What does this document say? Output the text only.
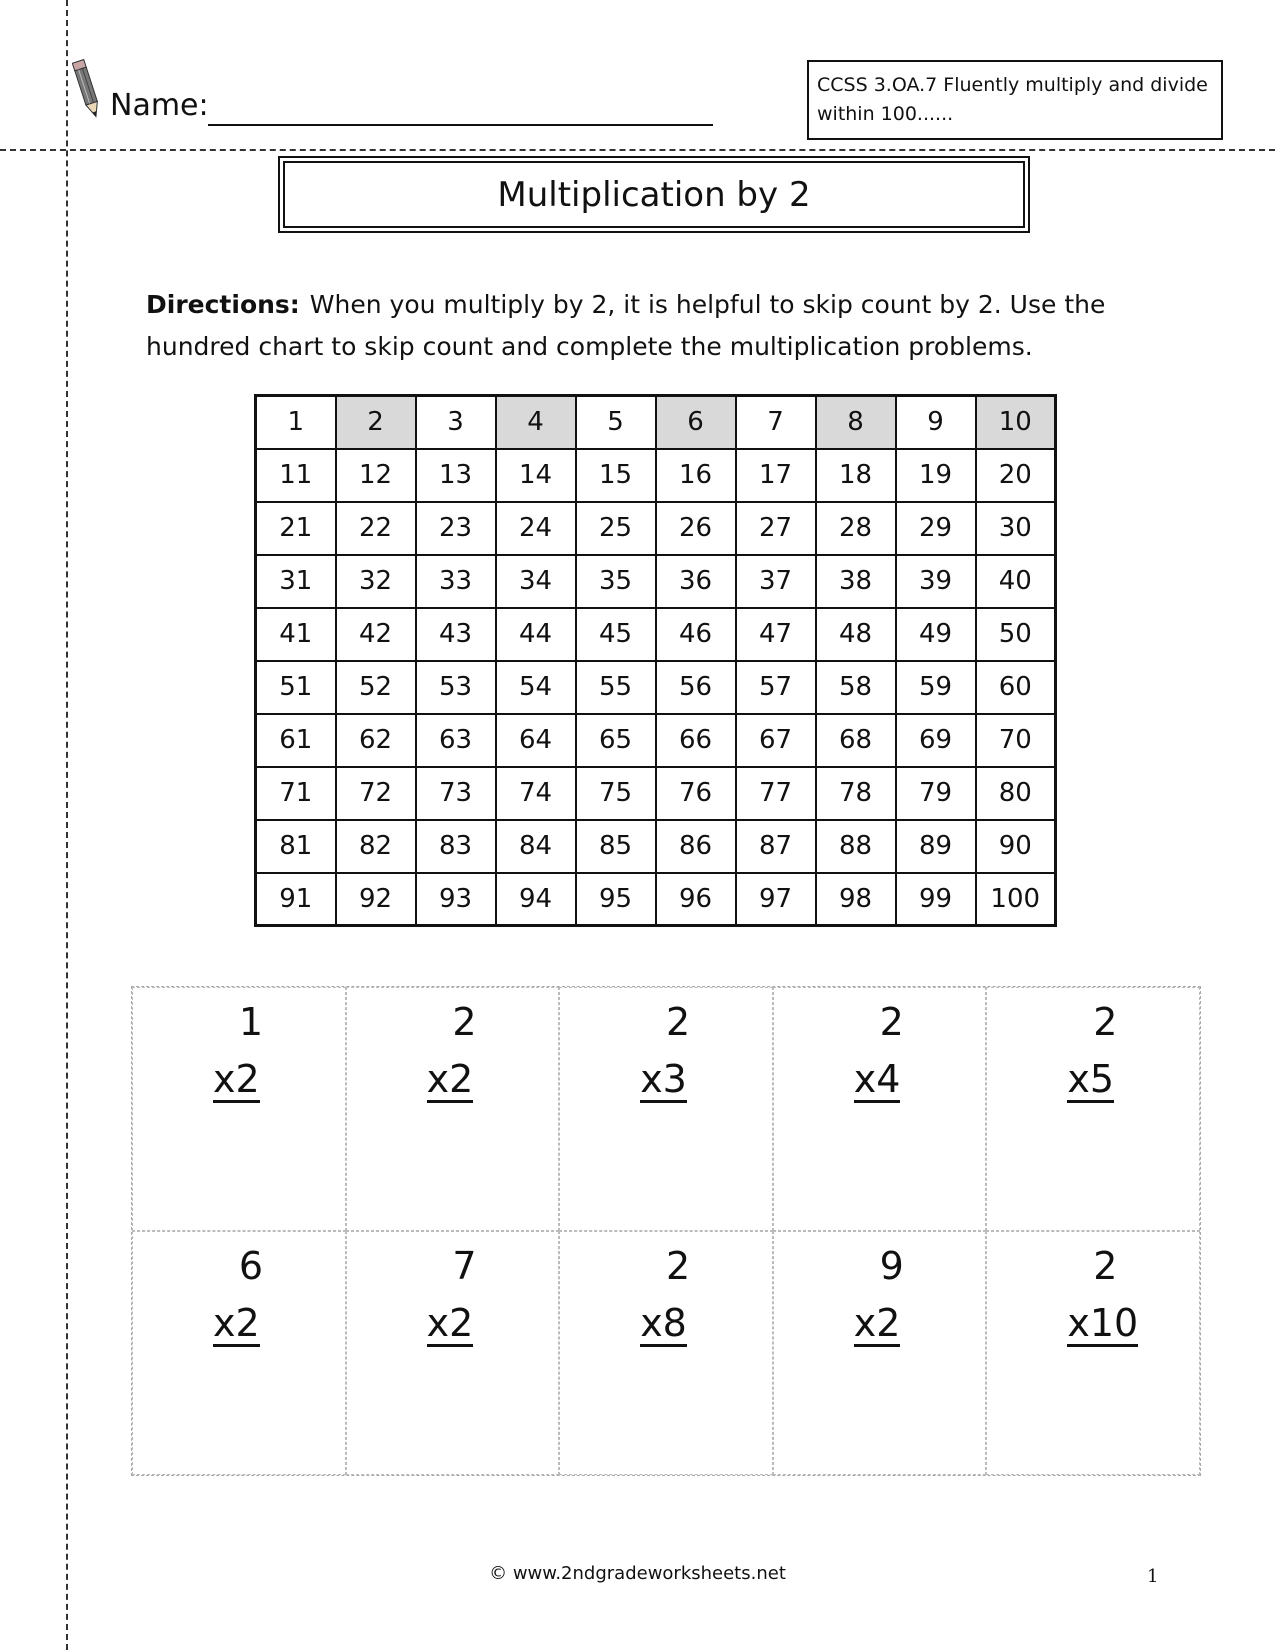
Name:
CCSS 3.OA.7 Fluently multiply and divide within 100......
Multiplication by 2
Directions: When you multiply by 2, it is helpful to skip count by 2. Use the hundred chart to skip count and complete the multiplication problems.
1	2	3	4	5	6	7	8	9	10
11	12	13	14	15	16	17	18	19	20
21	22	23	24	25	26	27	28	29	30
31	32	33	34	35	36	37	38	39	40
41	42	43	44	45	46	47	48	49	50
51	52	53	54	55	56	57	58	59	60
61	62	63	64	65	66	67	68	69	70
71	72	73	74	75	76	77	78	79	80
81	82	83	84	85	86	87	88	89	90
91	92	93	94	95	96	97	98	99	100
1
x2
2
x2
2
x3
2
x4
2
x5
6
x2
7
x2
2
x8
9
x2
2
x10
© www.2ndgradeworksheets.net	1
